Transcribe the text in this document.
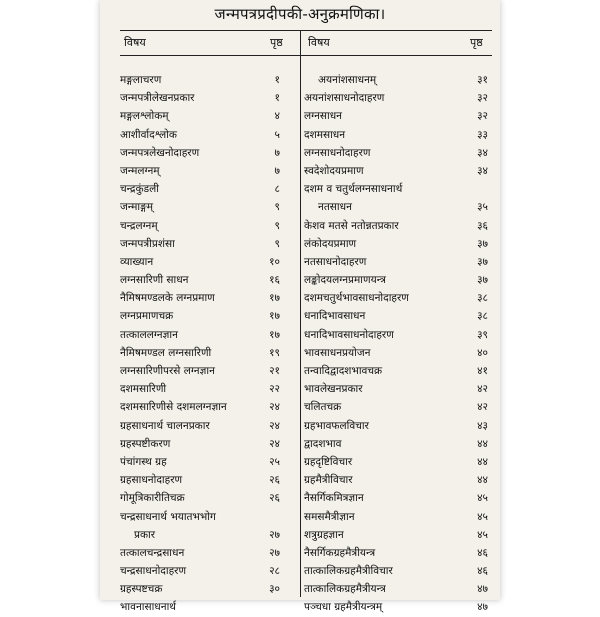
जन्मपत्रप्रदीपकी-अनुक्रमणिका।
विषय	पृष्ठ विषय	पृष्ठ
मङ्गलाचरण	१
जन्मपत्रीलेखनप्रकार	१
मङ्गलश्लोकम्	४
आशीर्वादश्लोक	५
जन्मपत्रलेखनोदाहरण	७
जन्मलग्नम्	७
चन्द्रकुंडली	८
जन्माङ्गम्	९
चन्द्रलग्नम्	९
जन्मपत्रीप्रशंसा	९
व्याख्यान	१०
लग्नसारिणी साधन	१६
नैमिषमण्डलके लग्नप्रमाण	१७
लग्नप्रमाणचक्र	१७
तत्काललग्नज्ञान	१७
नैमिषमण्डल लग्नसारिणी	१९
लग्नसारिणीपरसे लग्नज्ञान	२१
दशमसारिणी	२२
दशमसारिणीसे दशमलग्नज्ञान	२४
ग्रहसाधनार्थ चालनप्रकार	२४
ग्रहस्पष्टीकरण	२४
पंचांगस्थ ग्रह	२५
ग्रहसाधनोदाहरण	२६
गोमूत्रिकारीतिचक्र	२६
चन्द्रसाधनार्थ भयातभभोग
प्रकार	२७
तत्कालचन्द्रसाधन	२७
चन्द्रसाधनोदाहरण	२८
ग्रहस्पष्टचक्र	३०
भावनासाधनार्थ
अयनांशसाधनम्	३१
अयनांशसाधनोदाहरण	३२
लग्नसाधन	३२
दशमसाधन	३३
लग्नसाधनोदाहरण	३४
स्वदेशोदयप्रमाण	३४
दशम व चतुर्थलग्नसाधनार्थ
नतसाधन	३५
केशव मतसे नतोन्नतप्रकार	३६
लंकोदयप्रमाण	३७
नतसाधनोदाहरण	३७
लङ्कोदयलग्नप्रमाणयन्त्र	३७
दशमचतुर्थभावसाधनोदाहरण	३८
धनादिभावसाधन	३८
धनादिभावसाधनोदाहरण	३९
भावसाधनप्रयोजन	४०
तन्वादिद्वादशभावचक्र	४१
भावलेखनप्रकार	४२
चलितचक्र	४२
ग्रहभावफलविचार	४३
द्वादशभाव	४४
ग्रहदृष्टिविचार	४४
ग्रहमैत्रीविचार	४४
नैसर्गिकमित्रज्ञान	४५
समसमैत्रीज्ञान	४५
शत्रुग्रहज्ञान	४५
नैसर्गिकग्रहमैत्रीयन्त्र	४६
तात्कालिकग्रहमैत्रीविचार	४६
तात्कालिकग्रहमैत्रीयन्त्र	४७
पञ्चधा ग्रहमैत्रीयन्त्रम्	४७
